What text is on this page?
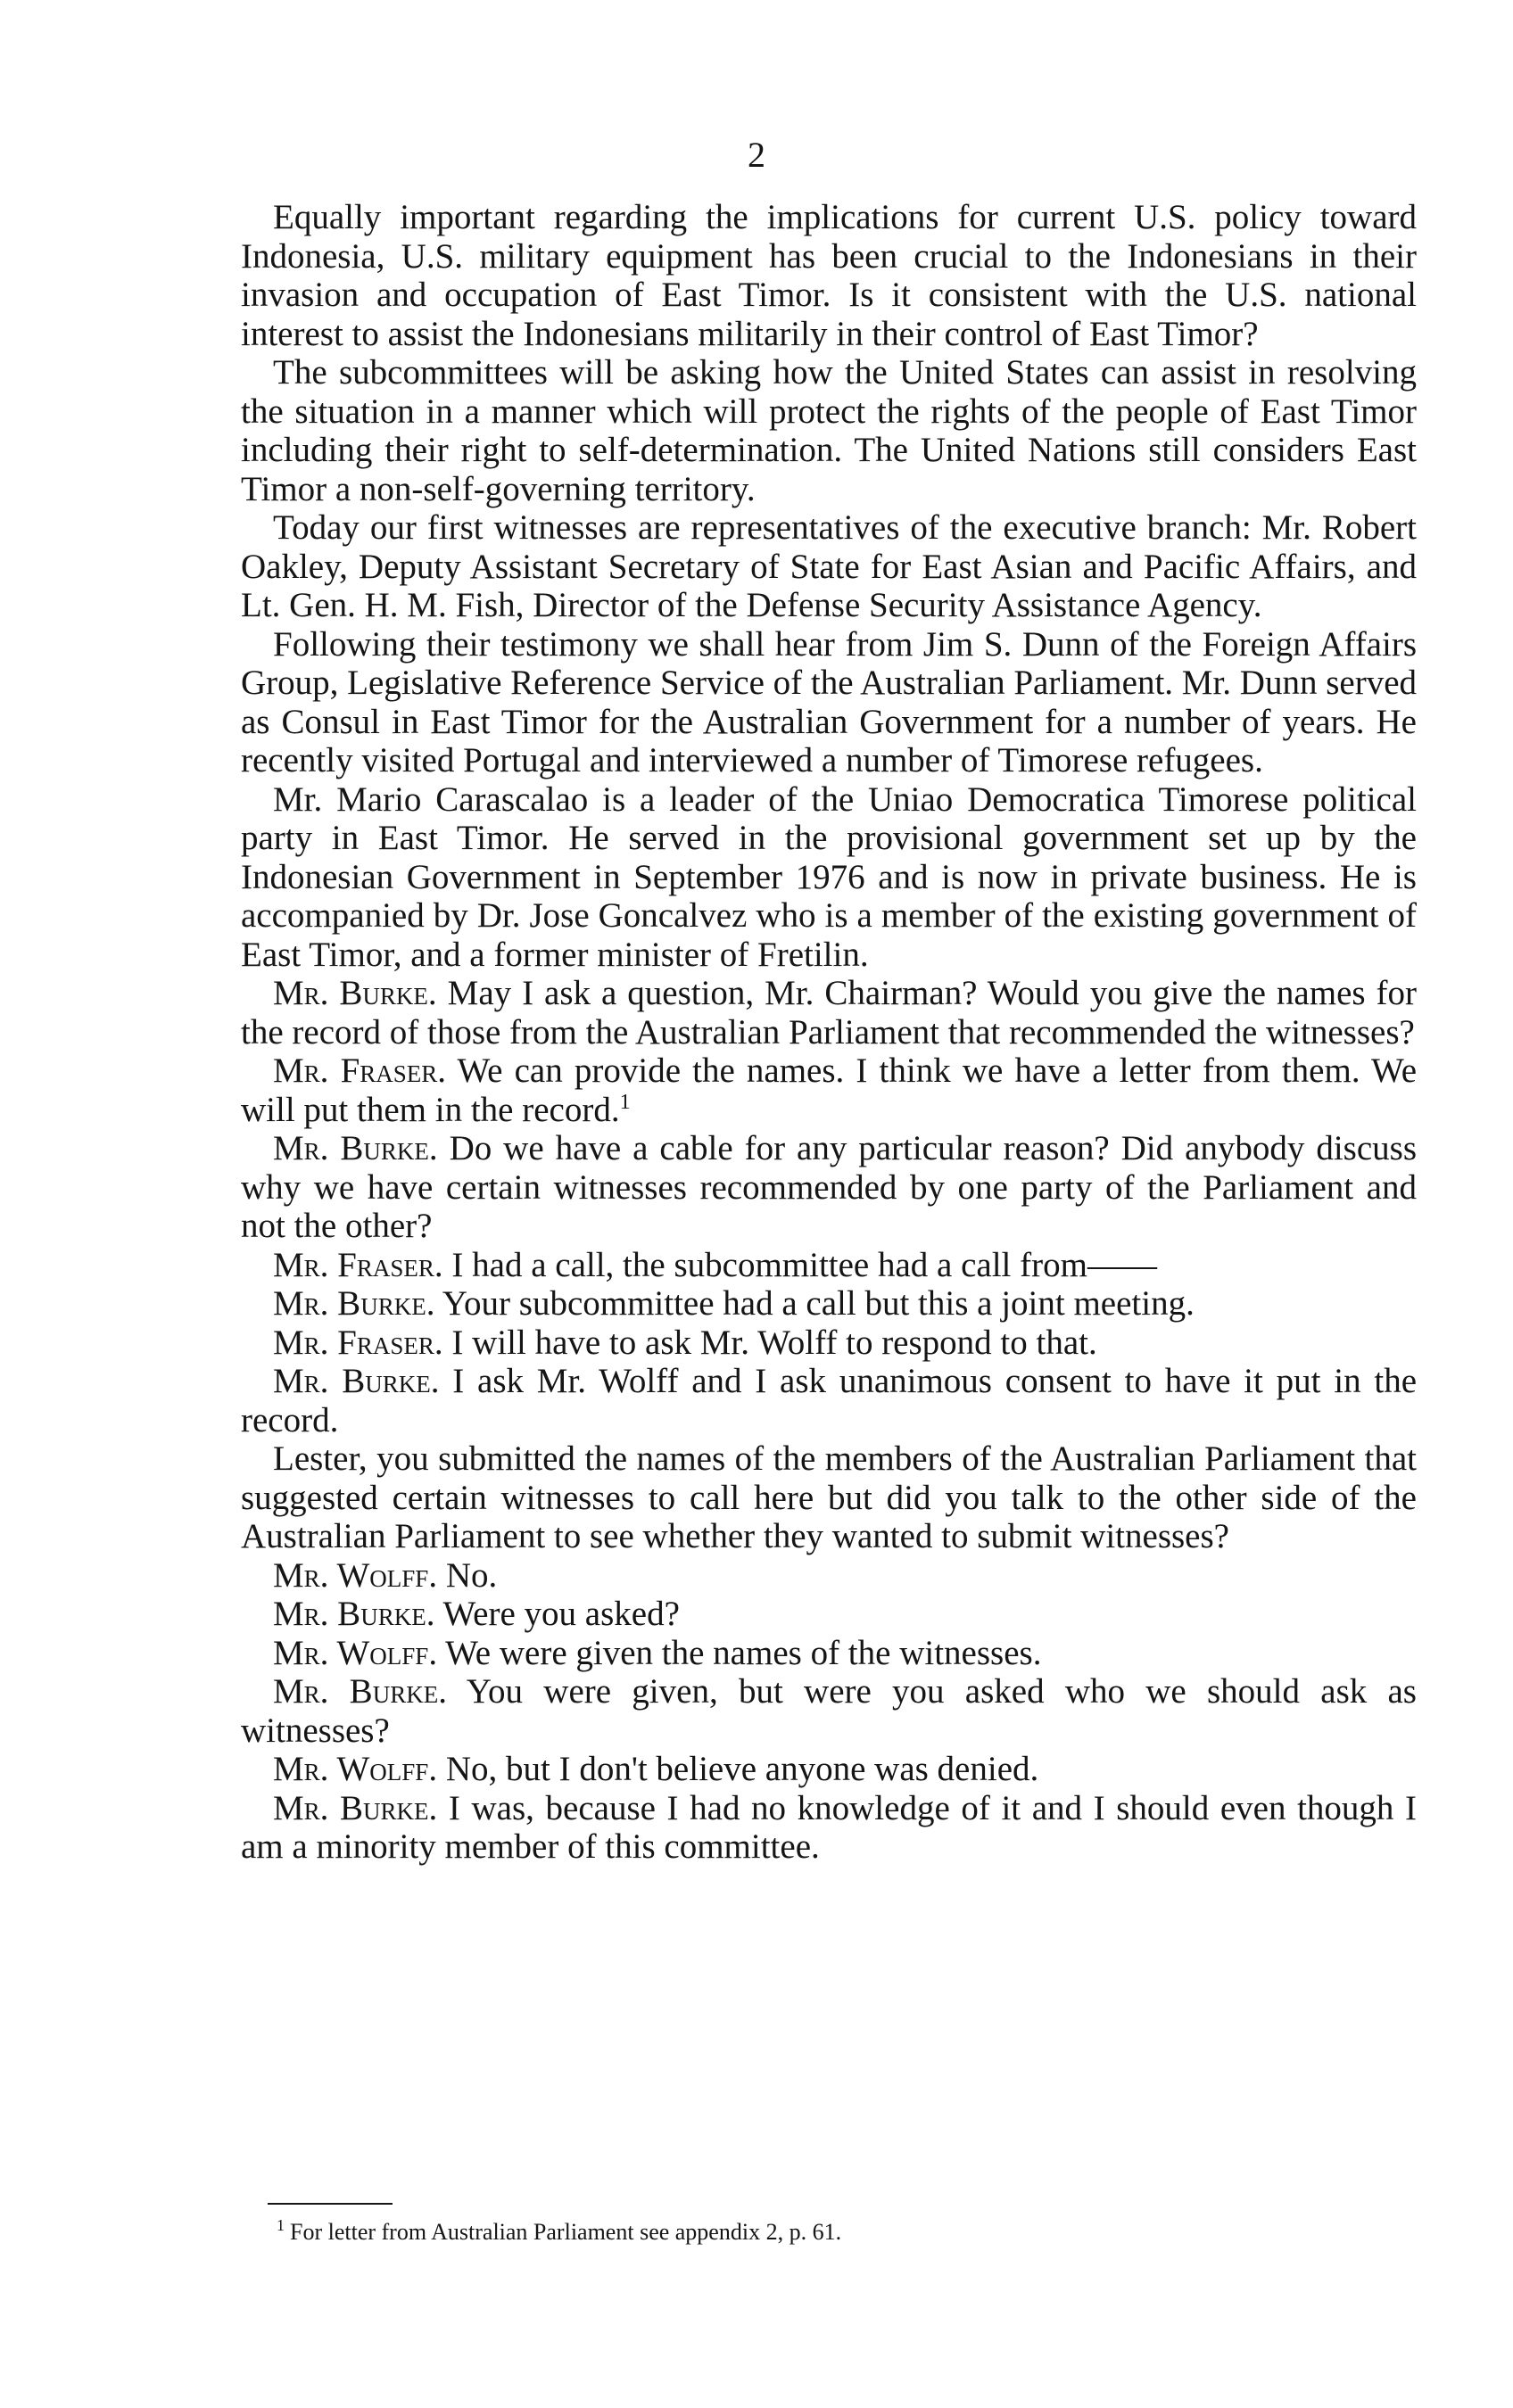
2

Equally important regarding the implications for current U.S. policy toward Indonesia, U.S. military equipment has been crucial to the Indonesians in their invasion and occupation of East Timor. Is it consistent with the U.S. national interest to assist the Indonesians militarily in their control of East Timor?

The subcommittees will be asking how the United States can assist in resolving the situation in a manner which will protect the rights of the people of East Timor including their right to self-determination. The United Nations still considers East Timor a non-self-governing territory.

Today our first witnesses are representatives of the executive branch: Mr. Robert Oakley, Deputy Assistant Secretary of State for East Asian and Pacific Affairs, and Lt. Gen. H. M. Fish, Director of the Defense Security Assistance Agency.

Following their testimony we shall hear from Jim S. Dunn of the Foreign Affairs Group, Legislative Reference Service of the Australian Parliament. Mr. Dunn served as Consul in East Timor for the Australian Government for a number of years. He recently visited Portugal and interviewed a number of Timorese refugees.

Mr. Mario Carascalao is a leader of the Uniao Democratica Timorese political party in East Timor. He served in the provisional government set up by the Indonesian Government in September 1976 and is now in private business. He is accompanied by Dr. Jose Goncalvez who is a member of the existing government of East Timor, and a former minister of Fretilin.

Mr. Burke. May I ask a question, Mr. Chairman? Would you give the names for the record of those from the Australian Parliament that recommended the witnesses?

Mr. Fraser. We can provide the names. I think we have a letter from them. We will put them in the record.$^1$

Mr. Burke. Do we have a cable for any particular reason? Did anybody discuss why we have certain witnesses recommended by one party of the Parliament and not the other?

Mr. Fraser. I had a call, the subcommittee had a call from——

Mr. Burke. Your subcommittee had a call but this a joint meeting.

Mr. Fraser. I will have to ask Mr. Wolff to respond to that.

Mr. Burke. I ask Mr. Wolff and I ask unanimous consent to have it put in the record.

Lester, you submitted the names of the members of the Australian Parliament that suggested certain witnesses to call here but did you talk to the other side of the Australian Parliament to see whether they wanted to submit witnesses?

Mr. Wolff. No.

Mr. Burke. Were you asked?

Mr. Wolff. We were given the names of the witnesses.

Mr. Burke. You were given, but were you asked who we should ask as witnesses?

Mr. Wolff. No, but I don't believe anyone was denied.

Mr. Burke. I was, because I had no knowledge of it and I should even though I am a minority member of this committee.

$^1$ For letter from Australian Parliament see appendix 2, p. 61.
